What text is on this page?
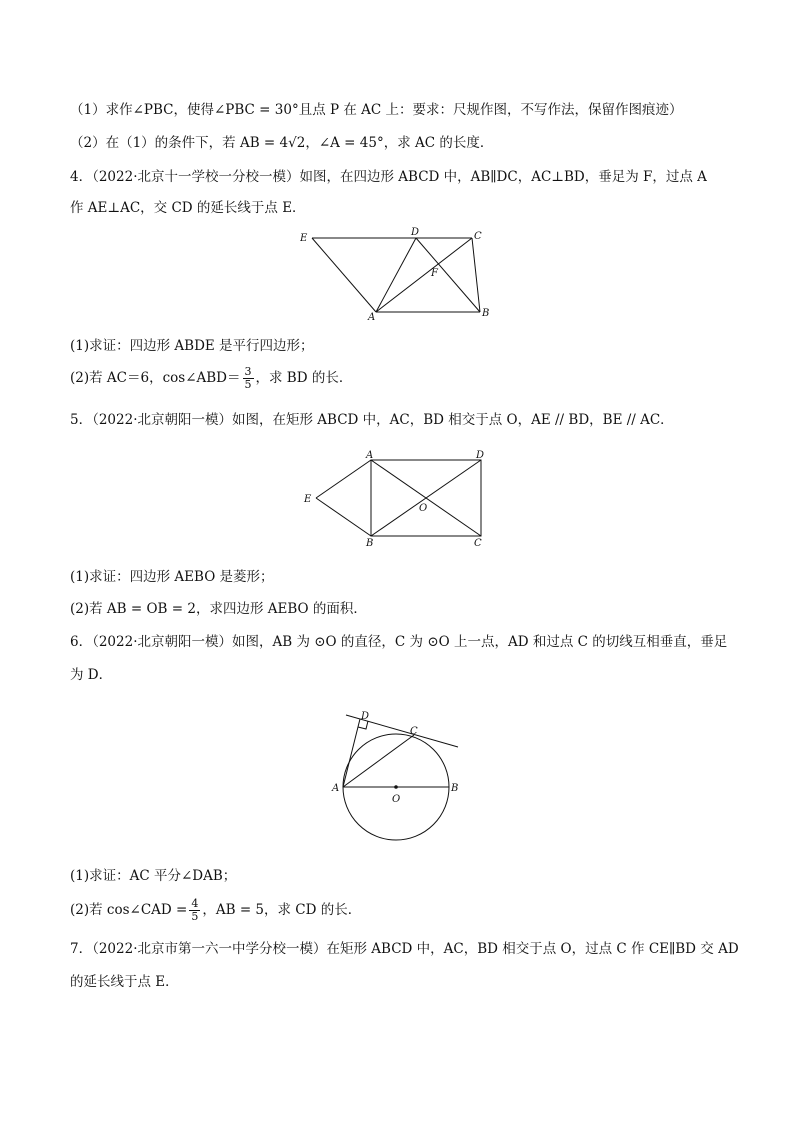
（1）求作∠PBC，使得∠PBC = 30°且点 P 在 AC 上：要求：尺规作图，不写作法，保留作图痕迹）
（2）在（1）的条件下，若 AB = 4√2，∠A = 45°，求 AC 的长度．
4．（2022·北京十一学校一分校一模）如图，在四边形 ABCD 中，AB∥DC，AC⊥BD，垂足为 F，过点 A
作 AE⊥AC，交 CD 的延长线于点 E．
E
D	C
F
A	B
(1)求证：四边形 ABDE 是平行四边形；
(2)若 AC＝6，cos∠ABD＝ $\frac{3}{5}$ ，求 BD 的长．
5．（2022·北京朝阳一模）如图，在矩形 ABCD 中，AC，BD 相交于点 O，AE // BD，BE // AC．
A	D
E
O
B	C
(1)求证：四边形 AEBO 是菱形；
(2)若 AB = OB = 2，求四边形 AEBO 的面积．
6．（2022·北京朝阳一模）如图，AB 为 ⊙O 的直径，C 为 ⊙O 上一点，AD 和过点 C 的切线互相垂直，垂足
为 D．
D
C
A
O
B
(1)求证：AC 平分∠DAB；
(2)若 cos∠CAD = $\frac{4}{5}$ ，AB = 5，求 CD 的长．
7．（2022·北京市第一六一中学分校一模）在矩形 ABCD 中，AC，BD 相交于点 O，过点 C 作 CE∥BD 交 AD
的延长线于点 E．
